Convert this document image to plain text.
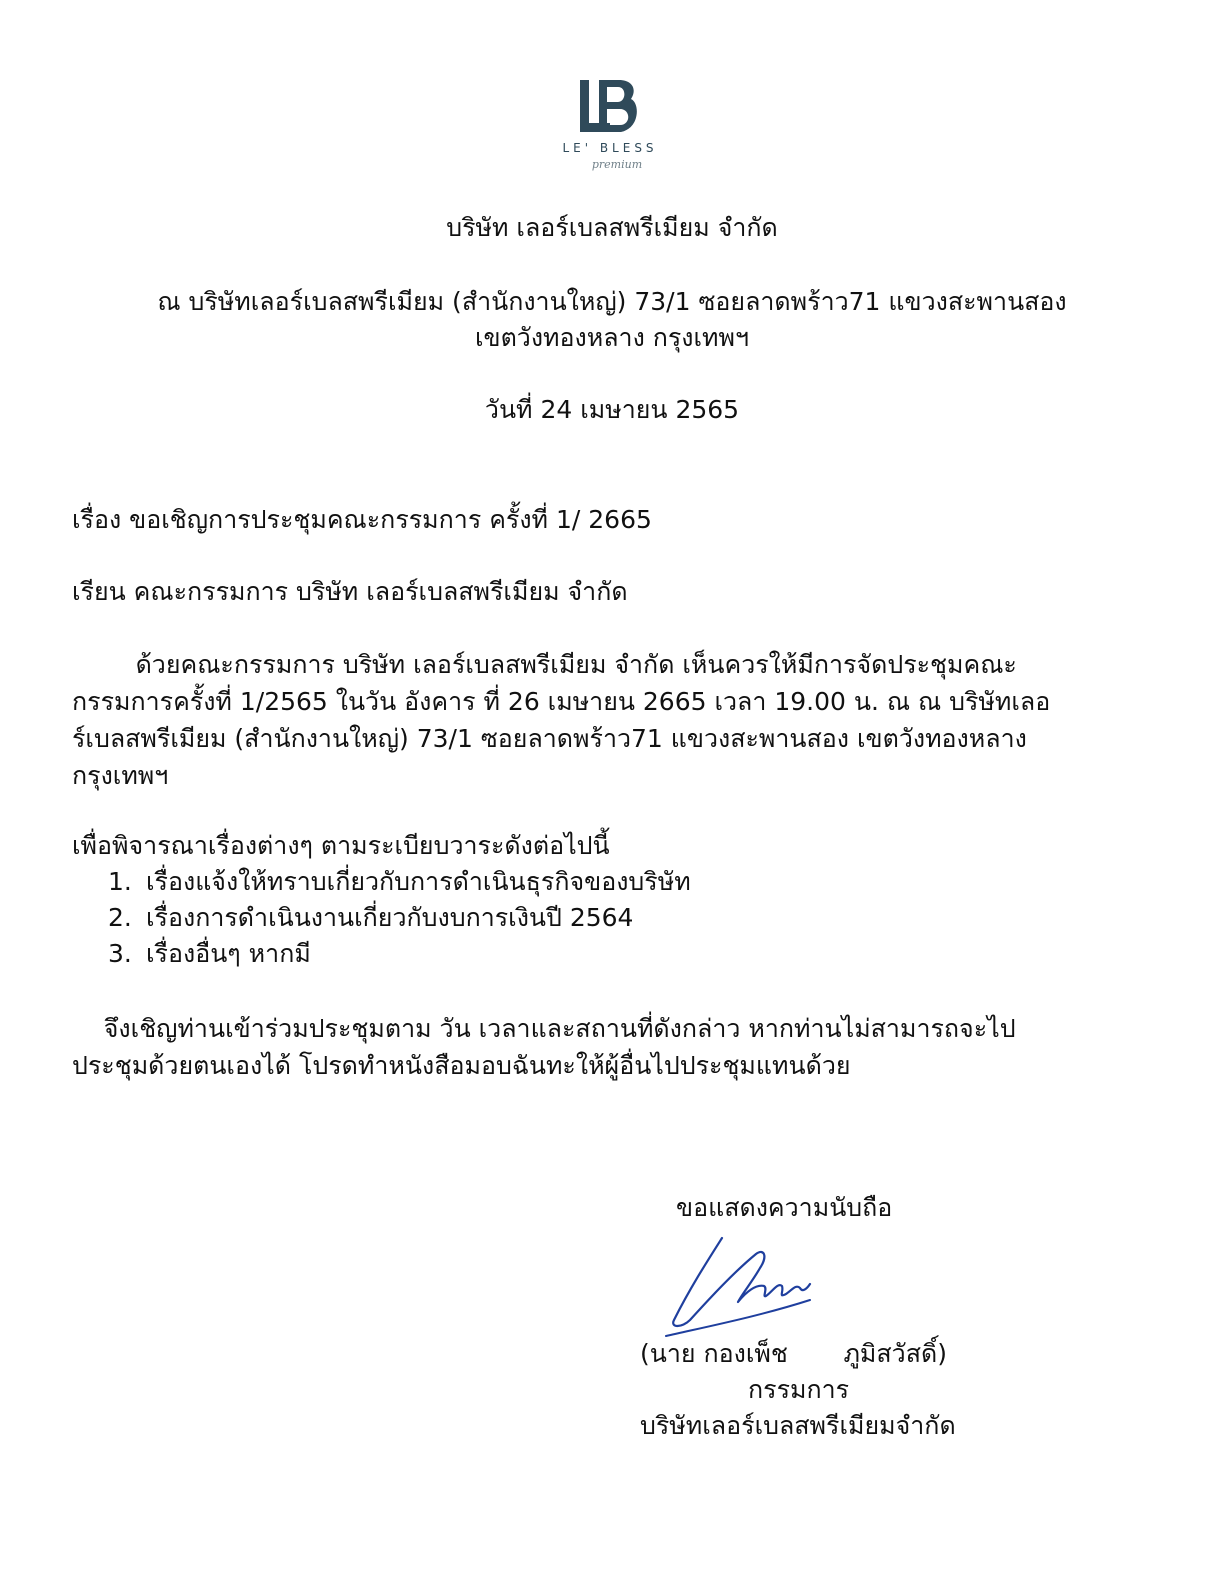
LE' BLESS
premium
บริษัท เลอร์เบลสพรีเมียม จำกัด
ณ บริษัทเลอร์เบลสพรีเมียม (สำนักงานใหญ่) 73/1 ซอยลาดพร้าว71 แขวงสะพานสอง
เขตวังทองหลาง กรุงเทพฯ
วันที่ 24 เมษายน 2565
เรื่อง ขอเชิญการประชุมคณะกรรมการ ครั้งที่ 1/ 2665
เรียน คณะกรรมการ บริษัท เลอร์เบลสพรีเมียม จำกัด
ด้วยคณะกรรมการ บริษัท เลอร์เบลสพรีเมียม จำกัด เห็นควรให้มีการจัดประชุมคณะ
กรรมการครั้งที่ 1/2565 ในวัน อังคาร ที่ 26 เมษายน 2665 เวลา 19.00 น. ณ ณ บริษัทเลอ
ร์เบลสพรีเมียม (สำนักงานใหญ่) 73/1 ซอยลาดพร้าว71 แขวงสะพานสอง เขตวังทองหลาง
กรุงเทพฯ
เพื่อพิจารณาเรื่องต่างๆ ตามระเบียบวาระดังต่อไปนี้
1. เรื่องแจ้งให้ทราบเกี่ยวกับการดำเนินธุรกิจของบริษัท
2. เรื่องการดำเนินงานเกี่ยวกับงบการเงินปี 2564
3. เรื่องอื่นๆ หากมี
จึงเชิญท่านเข้าร่วมประชุมตาม วัน เวลาและสถานที่ดังกล่าว หากท่านไม่สามารถจะไป
ประชุมด้วยตนเองได้ โปรดทำหนังสือมอบฉันทะให้ผู้อื่นไปประชุมแทนด้วย
ขอแสดงความนับถือ
(นาย กองเพ็ช       ภูมิสวัสดิ์)
กรรมการ
บริษัทเลอร์เบลสพรีเมียมจำกัด
